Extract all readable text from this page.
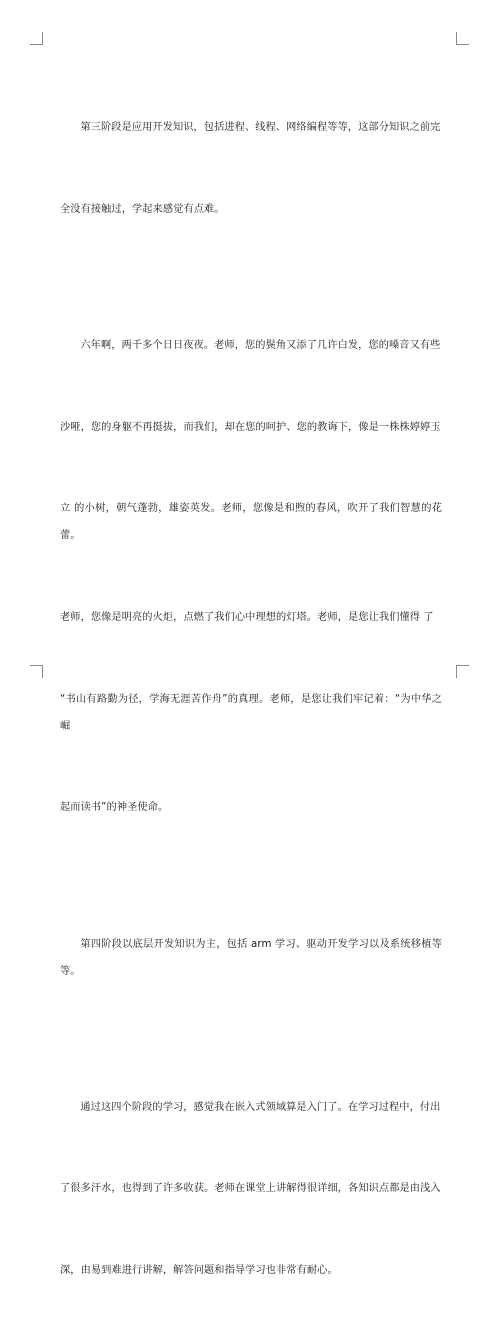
第三阶段是应用开发知识，包括进程、线程、网络编程等等，这部分知识之前完

全没有接触过，学起来感觉有点难。

六年啊，两千多个日日夜夜。老师，您的鬓角又添了几许白发，您的嗓音又有些

沙哑，您的身躯不再挺拔，而我们，却在您的呵护、您的教诲下，像是一株株婷婷玉

立 的小树，朝气蓬勃，雄姿英发。老师，您像是和煦的春风，吹开了我们智慧的花蕾。

老师，您像是明亮的火炬，点燃了我们心中理想的灯塔。老师，是您让我们懂得 了

“书山有路勤为径，学海无涯苦作舟”的真理。老师，是您让我们牢记着：“为中华之崛

起而读书”的神圣使命。

第四阶段以底层开发知识为主，包括 arm 学习、驱动开发学习以及系统移植等等。

通过这四个阶段的学习，感觉我在嵌入式领域算是入门了。在学习过程中，付出

了很多汗水，也得到了许多收获。老师在课堂上讲解得很详细，各知识点都是由浅入

深，由易到难进行讲解，解答问题和指导学习也非常有耐心。
